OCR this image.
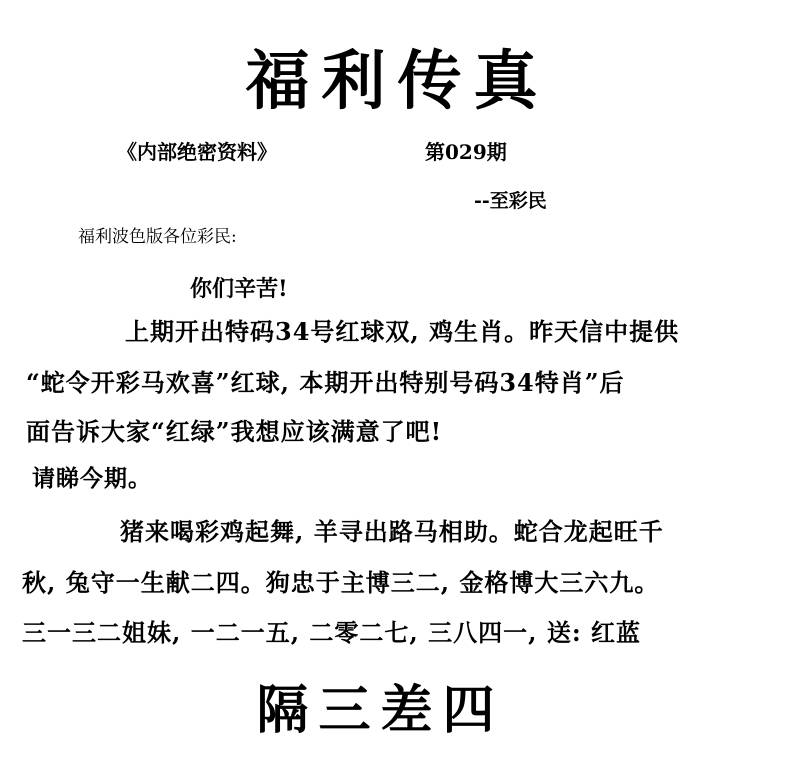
福利传真
《内部绝密资料》	第029期
--至彩民
福利波色版各位彩民:
你们辛苦!
上期开出特码34号红球双, 鸡生肖。昨天信中提供
“蛇令开彩马欢喜”红球, 本期开出特别号码34特肖”后
面告诉大家“红绿”我想应该满意了吧!
请睇今期。
猪来喝彩鸡起舞, 羊寻出路马相助。蛇合龙起旺千
秋, 兔守一生献二四。狗忠于主博三二, 金格博大三六九。
三一三二姐妹, 一二一五, 二零二七, 三八四一, 送: 红蓝
隔三差四
